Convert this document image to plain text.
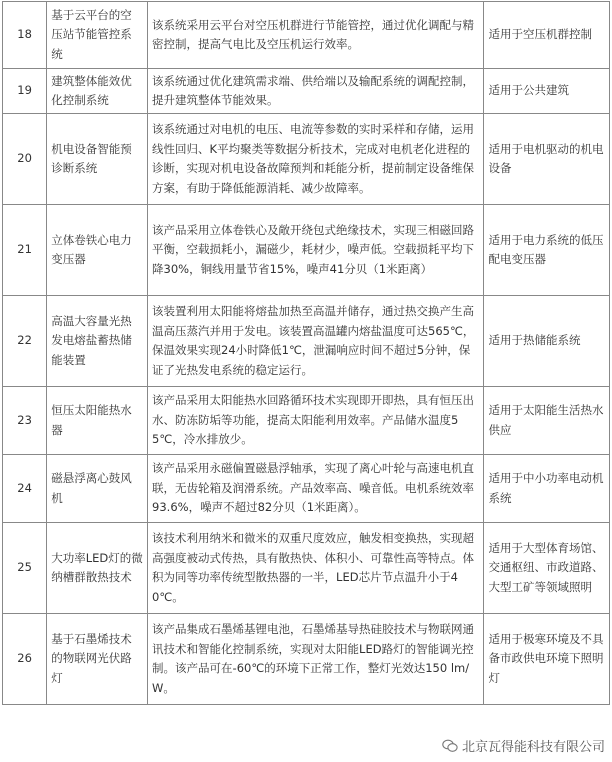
18	基于云平台的空压站节能管控系统	该系统采用云平台对空压机群进行节能管控，通过优化调配与精密控制，提高气电比及空压机运行效率。	适用于空压机群控制
19	建筑整体能效优化控制系统	该系统通过优化建筑需求端、供给端以及输配系统的调配控制，提升建筑整体节能效果。	适用于公共建筑
20	机电设备智能预诊断系统	该系统通过对电机的电压、电流等参数的实时采样和存储，运用线性回归、K平均聚类等数据分析技术，完成对电机老化进程的诊断，实现对机电设备故障预判和耗能分析，提前制定设备维保方案，有助于降低能源消耗、减少故障率。	适用于电机驱动的机电设备
21	立体卷铁心电力变压器	该产品采用立体卷铁心及敞开绕包式绝缘技术，实现三相磁回路平衡，空载损耗小，漏磁少，耗材少，噪声低。空载损耗平均下降30%，铜线用量节省15%，噪声41分贝（1米距离）	适用于电力系统的低压配电变压器
22	高温大容量光热发电熔盐蓄热储能装置	该装置利用太阳能将熔盐加热至高温并储存，通过热交换产生高温高压蒸汽并用于发电。该装置高温罐内熔盐温度可达565℃，保温效果实现24小时降低1℃，泄漏响应时间不超过5分钟，保证了光热发电系统的稳定运行。	适用于热储能系统
23	恒压太阳能热水器	该产品采用太阳能热水回路循环技术实现即开即热，具有恒压出水、防冻防垢等功能，提高太阳能利用效率。产品储水温度55℃，冷水排放少。	适用于太阳能生活热水供应
24	磁悬浮离心鼓风机	该产品采用永磁偏置磁悬浮轴承，实现了离心叶轮与高速电机直联，无齿轮箱及润滑系统。产品效率高、噪音低。电机系统效率93.6%，噪声不超过82分贝（1米距离）。	适用于中小功率电动机系统
25	大功率LED灯的微纳槽群散热技术	该技术利用纳米和微米的双重尺度效应，触发相变换热，实现超高强度被动式传热，具有散热快、体积小、可靠性高等特点。体积为同等功率传统型散热器的一半，LED芯片节点温升小于40℃。	适用于大型体育场馆、交通枢纽、市政道路、大型工矿等领域照明
26	基于石墨烯技术的物联网光伏路灯	该产品集成石墨烯基锂电池，石墨烯基导热硅胶技术与物联网通讯技术和智能化控制系统，实现对太阳能LED路灯的智能调光控制。该产品可在-60℃的环境下正常工作，整灯光效达150 lm/W。	适用于极寒环境及不具备市政供电环境下照明灯
北京瓦得能科技有限公司
